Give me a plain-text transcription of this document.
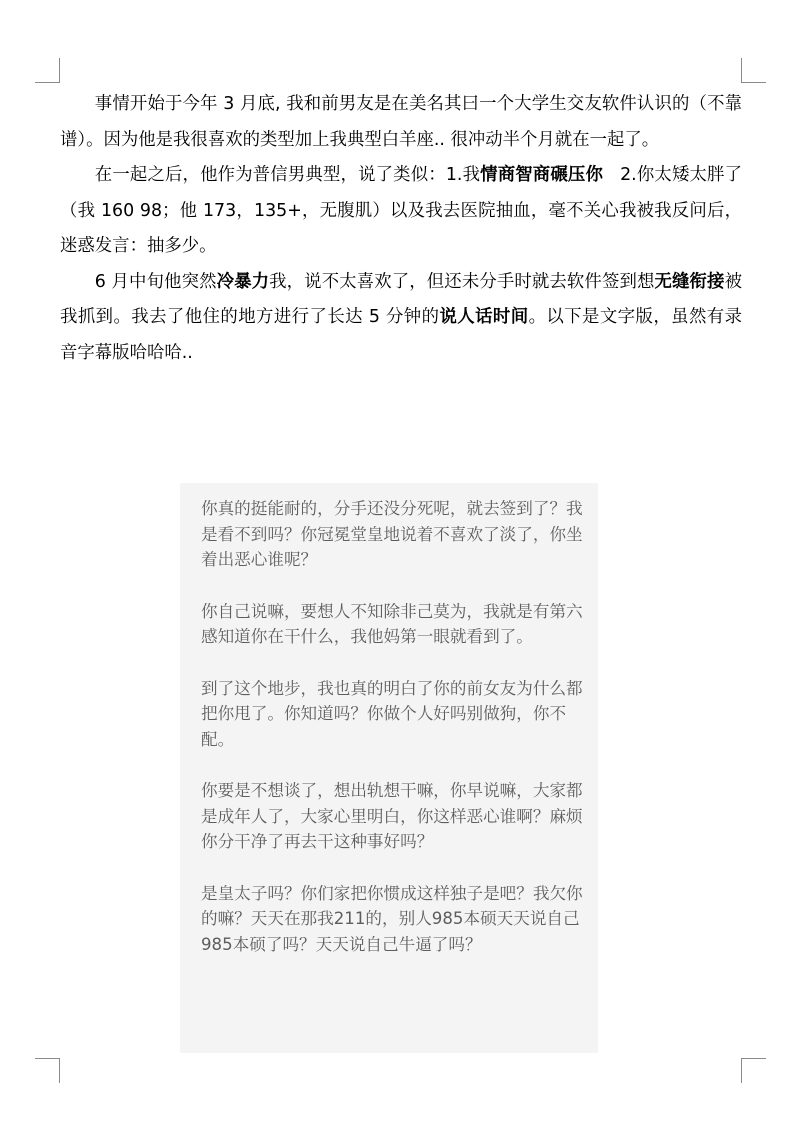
事情开始于今年 3 月底, 我和前男友是在美名其曰一个大学生交友软件认识的（不靠谱）。因为他是我很喜欢的类型加上我典型白羊座.. 很冲动半个月就在一起了。

在一起之后，他作为普信男典型，说了类似：1.我情商智商碾压你   2.你太矮太胖了（我 160 98；他 173，135+，无腹肌）以及我去医院抽血，毫不关心我被我反问后，迷惑发言：抽多少。

6 月中旬他突然冷暴力我，说不太喜欢了，但还未分手时就去软件签到想无缝衔接被我抓到。我去了他住的地方进行了长达 5 分钟的说人话时间。以下是文字版，虽然有录音字幕版哈哈哈..

你真的挺能耐的，分手还没分死呢，就去签到了？我是看不到吗？你冠冕堂皇地说着不喜欢了淡了，你坐着出恶心谁呢？

你自己说嘛，要想人不知除非己莫为，我就是有第六感知道你在干什么，我他妈第一眼就看到了。

到了这个地步，我也真的明白了你的前女友为什么都把你甩了。你知道吗？你做个人好吗别做狗，你不配。

你要是不想谈了，想出轨想干嘛，你早说嘛，大家都是成年人了，大家心里明白，你这样恶心谁啊？麻烦你分干净了再去干这种事好吗？

是皇太子吗？你们家把你惯成这样独子是吧？我欠你的嘛？天天在那我211的，别人985本硕天天说自己985本硕了吗？天天说自己牛逼了吗？
